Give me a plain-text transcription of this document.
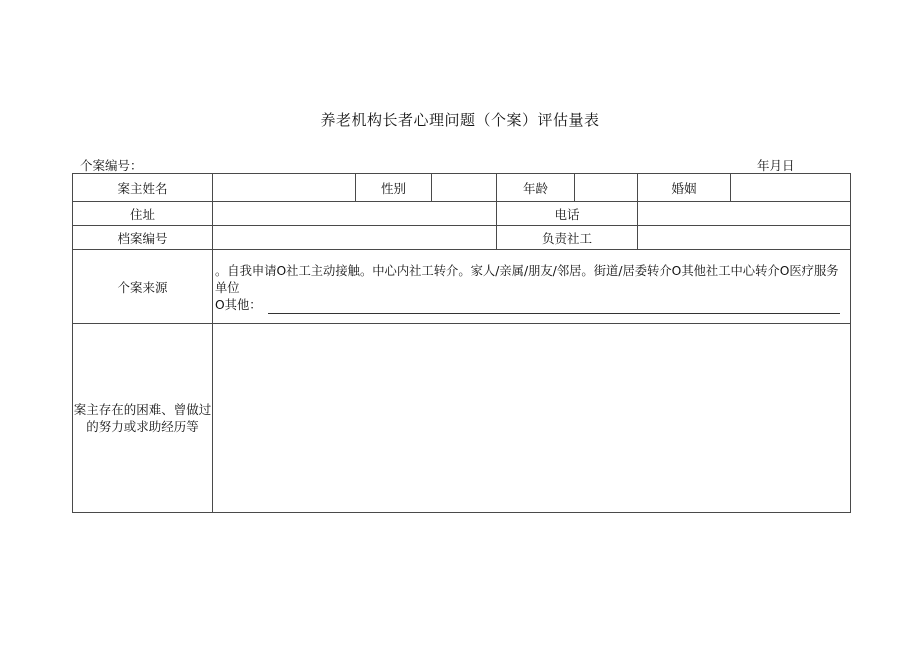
养老机构长者心理问题（个案）评估量表
个案编号：	年月日
案主姓名		性别		年龄		婚姻	
住址				电话			
档案编号				负责社工			
个案来源	。自我申请O社工主动接触。中心内社工转介。家人/亲属/朋友/邻居。街道/居委转介O其他社工中心转介O医疗服务单位
O其他：						

案主存在的困难、曾做过的努力或求助经历等							
